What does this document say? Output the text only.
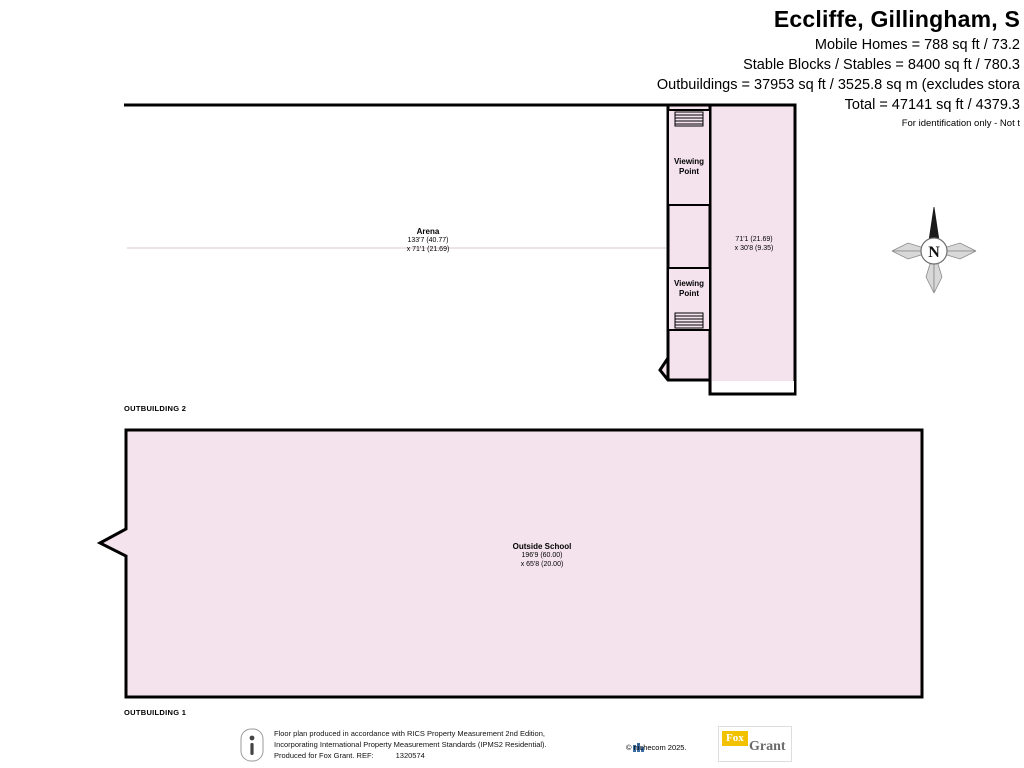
Eccliffe, Gillingham, S
Mobile Homes = 788 sq ft / 73.2
Stable Blocks / Stables = 8400 sq ft / 780.3
Outbuildings = 37953 sq ft / 3525.8 sq m (excludes stora
Total = 47141 sq ft / 4379.3
For identification only - Not t
Arena
133'7 (40.77)
x 71'1 (21.69)
Viewing
Point
Viewing
Point
71'1 (21.69)
x 30'8 (9.35)
OUTBUILDING 2
Outside School
196'9 (60.00)
x 65'8 (20.00)
OUTBUILDING 1
N
Floor plan produced in accordance with RICS Property Measurement 2nd Edition,
Incorporating International Property Measurement Standards (IPMS2 Residential).
Produced for Fox Grant. REF:	1320574
© nichecom 2025.
Fox
Grant
